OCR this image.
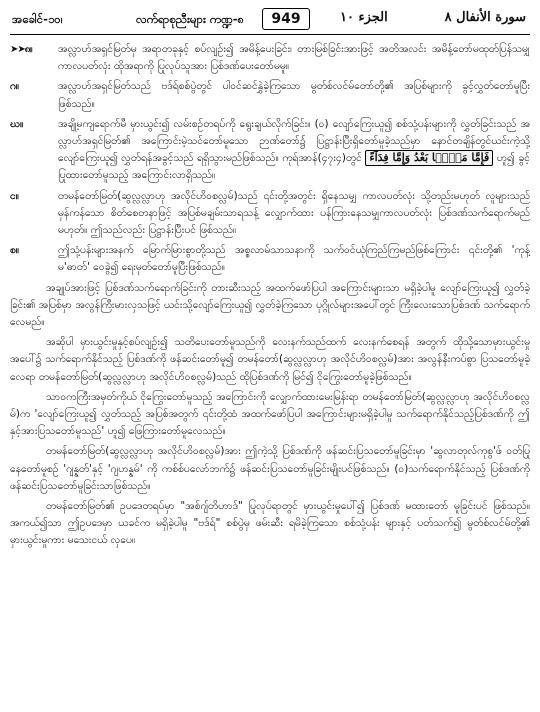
အခေါင်-၁၀၊	လက်ရာစုညီးများ ကဏ္ဍ-၈	949	الجزء ١٠	سورة الأنفال ٨
➤➤၈။	အလ္လာဟ်အရှင်မြတ်မှ အရာတခုနှင့် စပ်လျဉ်း၍ အမိန့်ပေးခြင်း၊ တားမြစ်ခြင်းအားဖြင့် အတိအလင်း အမိန့်တော်မထုတ်ပြန်သမျှ ကာလပတ်လုံး ထိုအရာကို ပြုလုပ်သူအား ပြစ်ဒဏ်ပေးတော်မမူ။
ဂ။	အလ္လာဟ်အရှင်မြတ်သည် ဗဒ်ရ်စစ်ပွဲတွင် ပါဝင်ဆင်နွှဲခဲ့ကြသော မွတ်စ်လင်မ်တော်တို့၏ အပြစ်များကို ခွင့်လွှတ်တော်မူပြီးဖြစ်သည်။
ဃ။	အချို့မကျရောက်မီ မှားယွင်း၍ လမ်းစဉ်တရပ်ကို ရွေးချယ်လိုက်ခြင်း။ (၀) လျော်ကြေးယူ၍ စစ်သုံ့ပန်းများကို လွှတ်ခြင်းသည် အလ္လာဟ်အရှင်မြတ်၏ အကြောင်းမဲ့သင်တော်မူသော ဉာဏ်တော်၌ ပြဋ္ဌာန်းပြီးရှိတော်မူခဲ့သည်မှာ နောင်တချိန်တွင်ယင်းကဲ့သို့ လျော်ကြေးယူ၍ လွှတ်ရန်အခွင့်သည် ရရှိသွားမည်ဖြစ်သည်။ ကုရ်အာန်(၄၇း၄)တွင် فَإِمَّا مَنًّۢا بَعْدُ وَإِمَّا فِدَآءً ဟူ၍ ခွင့်ပြုထားတော်မူသည့် အကြောင်းလာရှိသည်။
င။	တမန်တော်မြတ်(ဆွလ္လလ္လာဟု အလိုင်ဟိဝစလ္လမ်)သည် ၎င်းတို့အတွင်း ရှိနေသမျှ ကာလပတ်လုံး သို့တည်းမဟုတ် လူများသည် မှန်ကန်သော စိတ်စေတနာဖြင့် အပြစ်မချမ်းသာရသန့် လျှောက်ထား ပန်ကြားနေသမျှကာလပတ်လုံး ပြစ်ဒဏ်သက်ရောက်မည် မဟုတ်။ ဤသည်လည်း ပြဋ္ဌာန်းပြီးပင် ဖြစ်သည်။
စ။	ဤသုံ့ပန်းများအနက် မြောက်မြားစွာတို့သည် အစ္စလာမ်သာသနာကို သက်ဝင်ယုံကြည်ကြမည်ဖြစ်ကြောင်း ၎င်းတို့၏ 'ကုန့်မ'ဓာတ်' ဝေခွဲ၍ ရေးမှတ်တော်မူပြီးဖြစ်သည်။

အချုပ်အားဖြင့် ပြစ်ဒဏ်သက်ရောက်ခြင်းကို တားဆီးသည့် အထက်ဖော်ပြပါ အကြောင်းများသာ မရှိခဲ့ပါမူ လျော်ကြေးယူ၍ လွှတ်ခဲ့ခြင်း၏ အပြစ်မှာ အလွန်ကြီးမားလှသဖြင့် ယင်းသို့လျော်ကြေးယူ၍ လွှတ်ခဲ့ကြသော ပုဂ္ဂိုလ်များအပေါ်တွင် ကြီးလေးသောပြစ်ဒဏ် သက်ရောက်လေမည်။

အဆိုပါ မှားယွင်းမှုနှင့်စပ်လျဉ်း၍ သတိပေးတော်မူသည်ကို လေးနက်သည်ထက် လေးနက်စေရန် အတွက် ထိုသို့သောမှားယွင်းမှုအပေါ်၌ သက်ရောက်နိုင်သည့် ပြစ်ဒဏ်ကို ဖန်ဆင်းတော်မူ၍ တမန်တော်(ဆွလ္လလ္လာဟု အလိုင်ဟိဝစလ္လမ်)အား အလွန်နီးကပ်စွာ ပြသတော်မူခဲ့လေရာ တမန်တော်မြတ်(ဆွလ္လလ္လာဟု အလိုင်ဟိဝစလ္လမ်)သည် ထိုပြစ်ဒဏ်ကို မြင်၍ ငိုကြွေးတော်မူခဲ့ဖြစ်သည်။

သာဝကကြီးအမှတ်ကိုယ် ငိုကြွေးတော်မူသည့် အကြောင်းကို လျှောက်ထားမေးမြန်းရာ တမန်တော်မြတ်(ဆွလ္လလ္လာဟု အလိုင်ဟိဝစလ္လမ်)က 'လျော်ကြေးယူ၍ လွှတ်သည့် အပြစ်အတွက် ၎င်းတို့ထံ အထက်ဖော်ပြပါ အကြောင်းများမရှိခဲ့ပါမူ သက်ရောက်နိုင်သည့်ပြစ်ဒဏ်ကို ဤနှင့်အားပြသတော်မူသည်' ဟူ၍ ဖြေကြားတော်မူလေသည်။

တမန်တော်မြတ်(ဆွလ္လလ္လာဟု အလိုင်ဟိဝစလ္လမ်)အား ဤကဲ့သို့ ပြစ်ဒဏ်ကို ဖန်ဆင်းပြသတော်မူခြင်းမှာ 'ဆွလာတုလ်ကုစွ'ဖ် ဝတ်ပြုနေတော်မူစဉ် 'ဂျန္နတ်'နှင့် 'ဂျဟန္နမ်' ကို ကစ်စ်ပလော်ဘက်၌ ဖန်ဆင်းပြသတော်မူခြင်းမျိုးပင်ဖြစ်သည်။ (၀)သက်ရောက်နိုင်သည့် ပြစ်ဒဏ်ကို ဖန်ဆင်းပြသတော်မူခြင်းသာဖြစ်သည်။

တမန်တော်မြတ်၏ ဥပဒေတရပ်မှာ "အစ်ဂျ်တိဟာဒ်" ပြုလုပ်ရာတွင် မှားယွင်းမှုပေါ်၍ ပြစ်ဒဏ် မထားတော် မူခြင်းပင် ဖြစ်သည်။ အကယ်၍သာ ဤဥပဒေမှာ ယခင်က မရှိခဲ့ပါမူ "ဗဒ်ရ်" စစ်ပွဲမှ ဖမ်းဆီး ရမိခဲ့ကြသော စစ်သုံ့ပန်း များနှင့် ပတ်သက်၍ မွတ်စ်လင်မ်တို့၏ မှားယွင်းမှုကား မသေးငယ် လှပေ။
